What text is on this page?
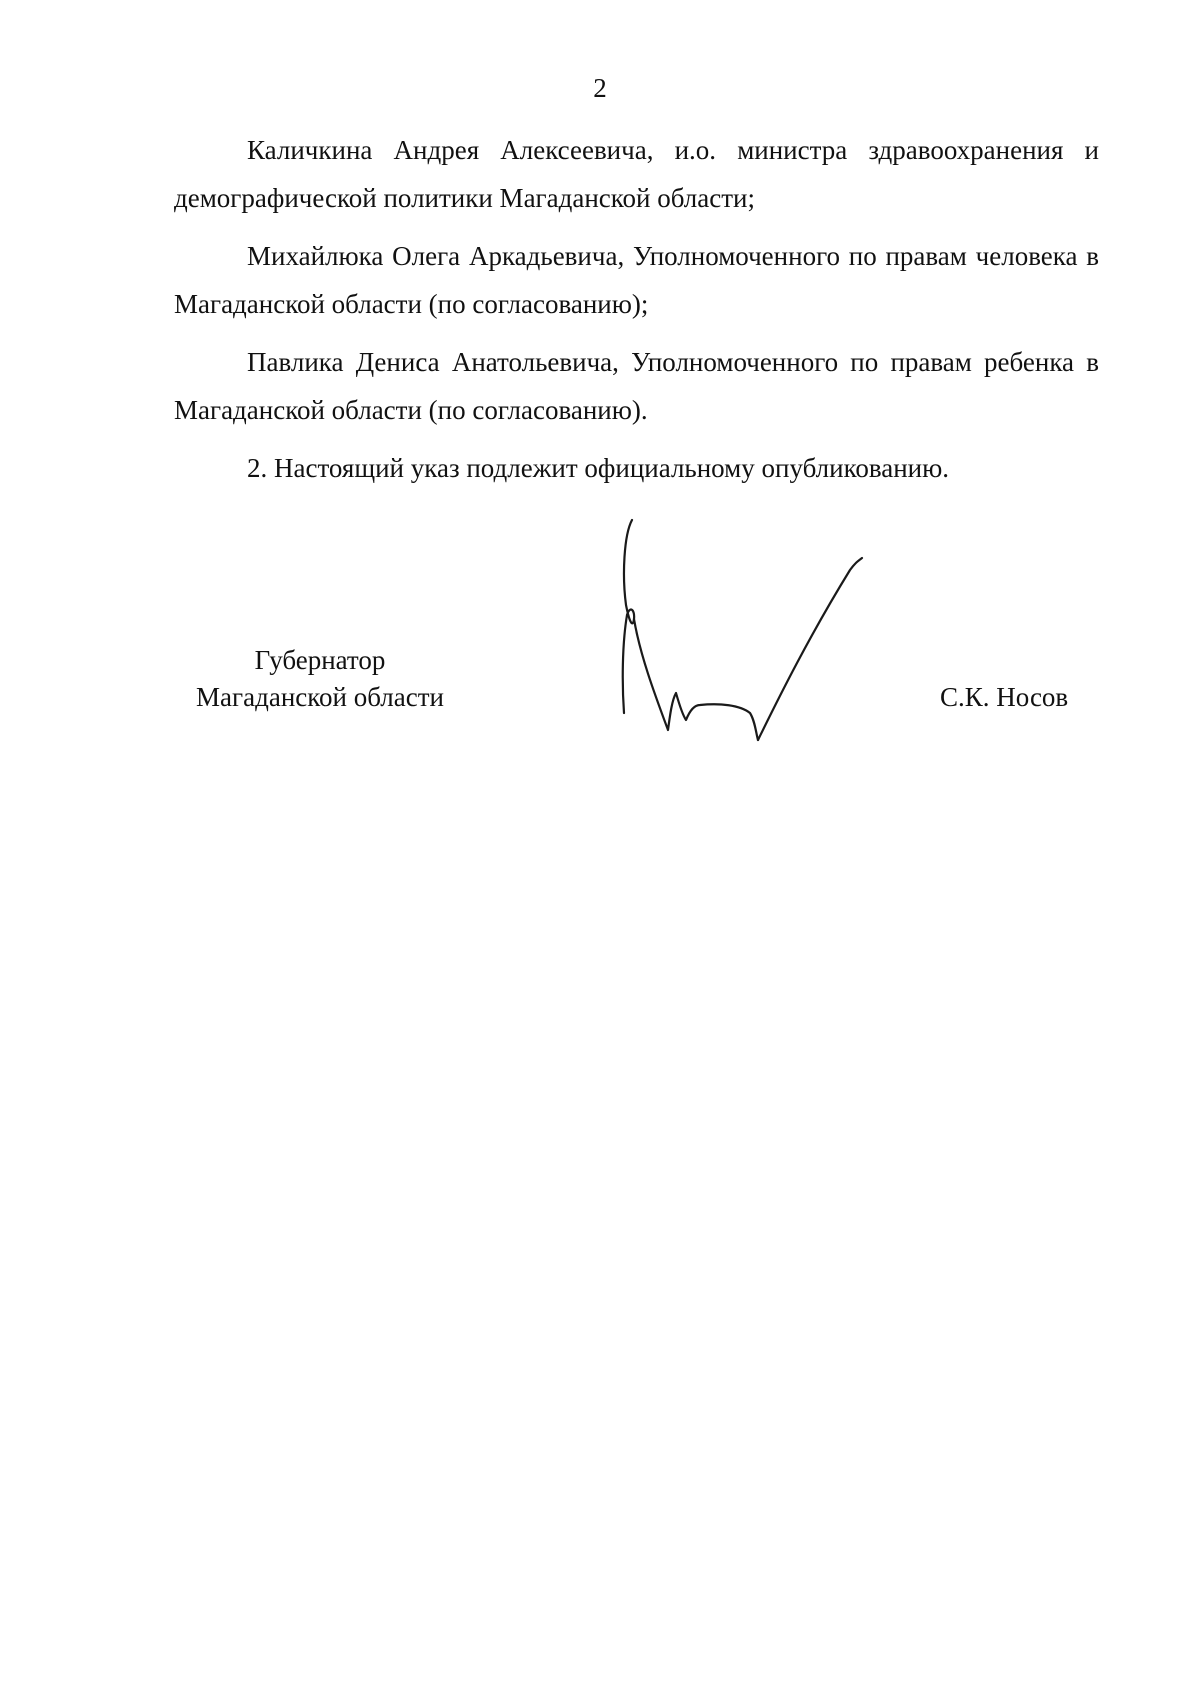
2

Каличкина Андрея Алексеевича, и.о. министра здравоохранения и демографической политики Магаданской области;

Михайлюка Олега Аркадьевича, Уполномоченного по правам человека в Магаданской области (по согласованию);

Павлика Дениса Анатольевича, Уполномоченного по правам ребенка в Магаданской области (по согласованию).

2. Настоящий указ подлежит официальному опубликованию.

Губернатор
Магаданской области	С.К. Носов
